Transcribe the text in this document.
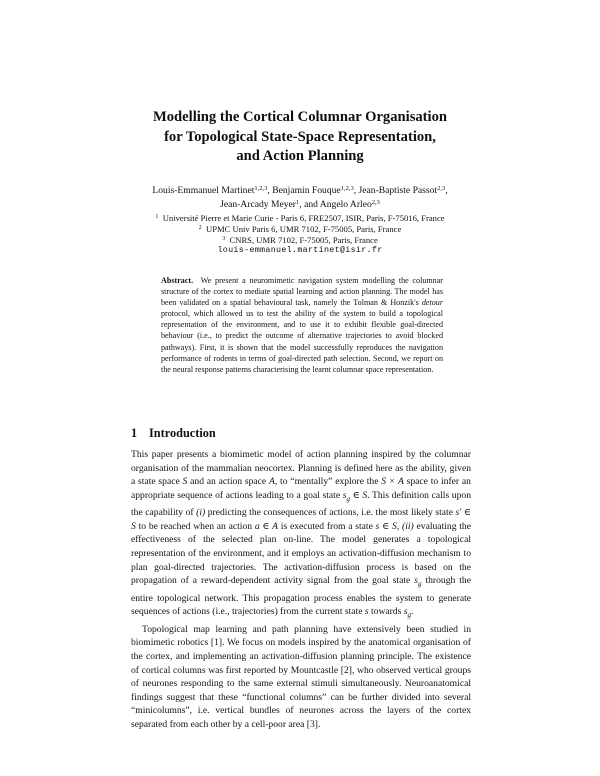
Modelling the Cortical Columnar Organisation
for Topological State-Space Representation,
and Action Planning
Louis-Emmanuel Martinet$^{1,2,3}$, Benjamin Fouque$^{1,2,3}$, Jean-Baptiste Passot$^{2,3}$,
Jean-Arcady Meyer$^1$, and Angelo Arleo$^{2,3}$
$^1$ Université Pierre et Marie Curie - Paris 6, FRE2507, ISIR, Paris, F-75016, France
$^2$ UPMC Univ Paris 6, UMR 7102, F-75005, Paris, France
$^3$ CNRS, UMR 7102, F-75005, Paris, France
louis-emmanuel.martinet@isir.fr
Abstract. We present a neuromimetic navigation system modelling the columnar structure of the cortex to mediate spatial learning and action planning. The model has been validated on a spatial behavioural task, namely the Tolman & Honzik's detour protocol, which allowed us to test the ability of the system to build a topological representation of the environment, and to use it to exhibit flexible goal-directed behaviour (i.e., to predict the outcome of alternative trajectories to avoid blocked pathways). First, it is shown that the model successfully reproduces the navigation performance of rodents in terms of goal-directed path selection. Second, we report on the neural response patterns characterising the learnt columnar space representation.
1 Introduction

This paper presents a biomimetic model of action planning inspired by the columnar organisation of the mammalian neocortex. Planning is defined here as the ability, given a state space S and an action space A, to “mentally” explore the S × A space to infer an appropriate sequence of actions leading to a goal state $s_g$ ∈ S. This definition calls upon the capability of (i) predicting the consequences of actions, i.e. the most likely state s′ ∈ S to be reached when an action a ∈ A is executed from a state s ∈ S, (ii) evaluating the effectiveness of the selected plan on-line. The model generates a topological representation of the environment, and it employs an activation-diffusion mechanism to plan goal-directed trajectories. The activation-diffusion process is based on the propagation of a reward-dependent activity signal from the goal state $s_g$ through the entire topological network. This propagation process enables the system to generate sequences of actions (i.e., trajectories) from the current state s towards $s_g$.

Topological map learning and path planning have extensively been studied in biomimetic robotics [1]. We focus on models inspired by the anatomical organisation of the cortex, and implementing an activation-diffusion planning principle. The existence of cortical columns was first reported by Mountcastle [2], who observed vertical groups of neurones responding to the same external stimuli simultaneously. Neuroanatomical findings suggest that these “functional columns” can be further divided into several “minicolumns”, i.e. vertical bundles of neurones across the layers of the cortex separated from each other by a cell-poor area [3].
